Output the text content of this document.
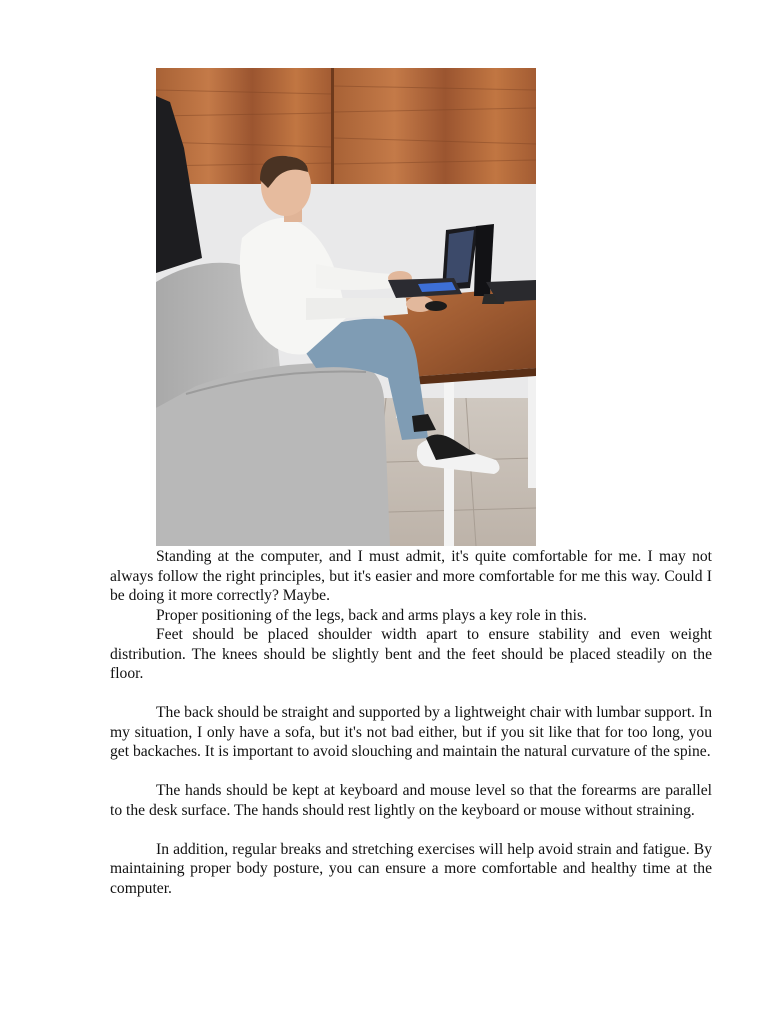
Standing at the computer, and I must admit, it's quite comfortable for me. I may not always follow the right principles, but it's easier and more comfortable for me this way. Could I be doing it more correctly? Maybe.

Proper positioning of the legs, back and arms plays a key role in this.

Feet should be placed shoulder width apart to ensure stability and even weight distribution. The knees should be slightly bent and the feet should be placed steadily on the floor.

The back should be straight and supported by a lightweight chair with lumbar support. In my situation, I only have a sofa, but it's not bad either, but if you sit like that for too long, you get backaches. It is important to avoid slouching and maintain the natural curvature of the spine.

The hands should be kept at keyboard and mouse level so that the forearms are parallel to the desk surface. The hands should rest lightly on the keyboard or mouse without straining.

In addition, regular breaks and stretching exercises will help avoid strain and fatigue. By maintaining proper body posture, you can ensure a more comfortable and healthy time at the computer.
